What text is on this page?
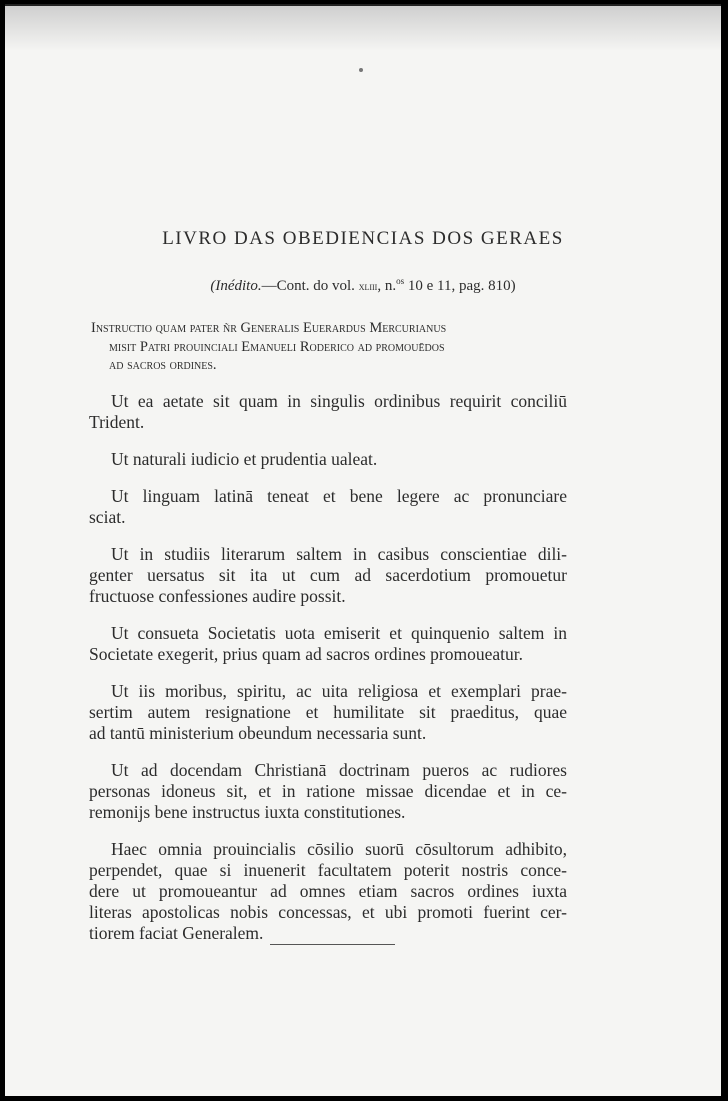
LIVRO DAS OBEDIENCIAS DOS GERAES
(Inédito.—Cont. do vol. xliii, n.$^{os}$ 10 e 11, pag. 810)
Instructio quam pater ñr Generalis Euerardus Mercurianus
misit Patri prouinciali Emanueli Roderico ad promouēdos
ad sacros ordines.
Ut ea aetate sit quam in singulis ordinibus requirit conciliū
Trident.
Ut naturali iudicio et prudentia ualeat.
Ut linguam latinā teneat et bene legere ac pronunciare
sciat.
Ut in studiis literarum saltem in casibus conscientiae dili-
genter uersatus sit ita ut cum ad sacerdotium promouetur
fructuose confessiones audire possit.
Ut consueta Societatis uota emiserit et quinquenio saltem in
Societate exegerit, prius quam ad sacros ordines promoueatur.
Ut iis moribus, spiritu, ac uita religiosa et exemplari prae-
sertim autem resignatione et humilitate sit praeditus, quae
ad tantū ministerium obeundum necessaria sunt.
Ut ad docendam Christianā doctrinam pueros ac rudiores
personas idoneus sit, et in ratione missae dicendae et in ce-
remonijs bene instructus iuxta constitutiones.
Haec omnia prouincialis cōsilio suorū cōsultorum adhibito,
perpendet, quae si inuenerit facultatem poterit nostris conce-
dere ut promoueantur ad omnes etiam sacros ordines iuxta
literas apostolicas nobis concessas, et ubi promoti fuerint cer-
tiorem faciat Generalem.
